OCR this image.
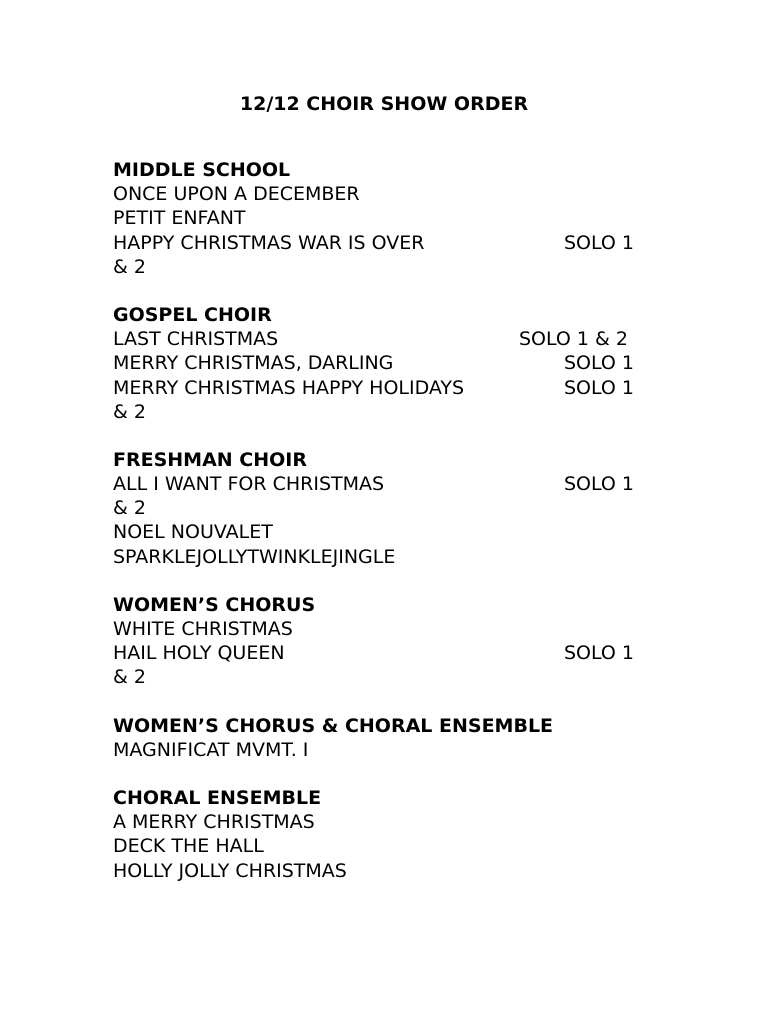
12/12 CHOIR SHOW ORDER
MIDDLE SCHOOL
ONCE UPON A DECEMBER
PETIT ENFANT
HAPPY CHRISTMAS WAR IS OVER	SOLO 1
& 2
GOSPEL CHOIR
LAST CHRISTMAS	SOLO 1 & 2
MERRY CHRISTMAS, DARLING	SOLO 1
MERRY CHRISTMAS HAPPY HOLIDAYS	SOLO 1
& 2
FRESHMAN CHOIR
ALL I WANT FOR CHRISTMAS	SOLO 1
& 2
NOEL NOUVALET
SPARKLEJOLLYTWINKLEJINGLE
WOMEN’S CHORUS
WHITE CHRISTMAS
HAIL HOLY QUEEN	SOLO 1
& 2
WOMEN’S CHORUS & CHORAL ENSEMBLE
MAGNIFICAT MVMT. I
CHORAL ENSEMBLE
A MERRY CHRISTMAS
DECK THE HALL
HOLLY JOLLY CHRISTMAS
